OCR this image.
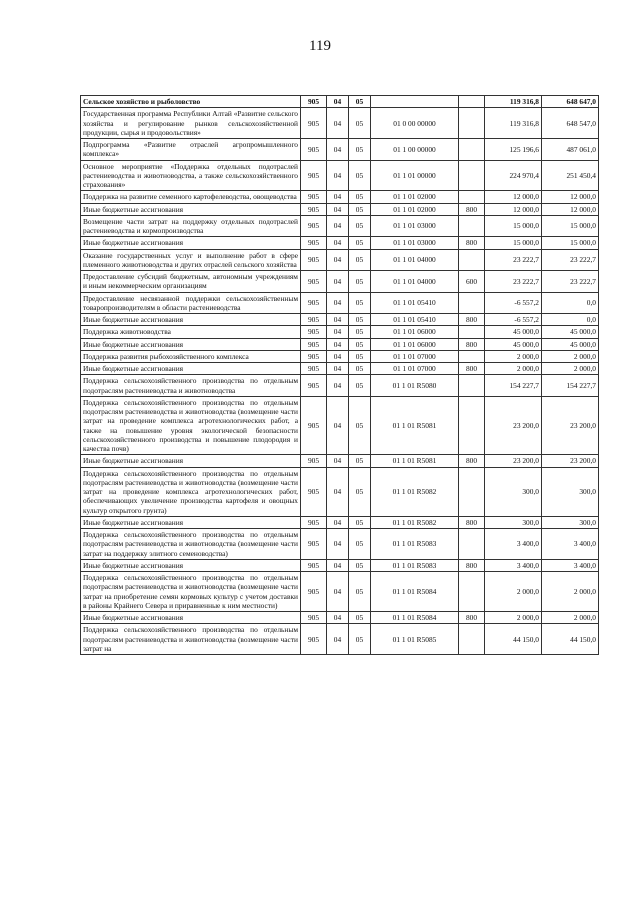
119
Сельское хозяйство и рыболовство	905	04	05			119 316,8	648 647,0
Государственная программа Республики Алтай «Развитие сельского хозяйства и регулирование рынков сельскохозяйственной продукции, сырья и продовольствия»	905	04	05	01 0 00 00000		119 316,8	648 547,0
Подпрограмма «Развитие отраслей агропромышленного комплекса»	905	04	05	01 1 00 00000		125 196,6	487 061,0
Основное мероприятие «Поддержка отдельных подотраслей растениеводства и животноводства, а также сельскохозяйственного страхования»	905	04	05	01 1 01 00000		224 970,4	251 450,4
Поддержка на развитие семенного картофелеводства, овощеводства	905	04	05	01 1 01 02000		12 000,0	12 000,0
Иные бюджетные ассигнования	905	04	05	01 1 01 02000	800	12 000,0	12 000,0
Возмещение части затрат на поддержку отдельных подотраслей растениеводства и кормопроизводства	905	04	05	01 1 01 03000		15 000,0	15 000,0
Иные бюджетные ассигнования	905	04	05	01 1 01 03000	800	15 000,0	15 000,0
Оказание государственных услуг и выполнение работ в сфере племенного животноводства и других отраслей сельского хозяйства	905	04	05	01 1 01 04000		23 222,7	23 222,7
Предоставление субсидий бюджетным, автономным учреждениям и иным некоммерческим организациям	905	04	05	01 1 01 04000	600	23 222,7	23 222,7
Предоставление несвязанной поддержки сельскохозяйственным товаропроизводителям в области растениеводства	905	04	05	01 1 01 05410		-6 557,2	0,0
Иные бюджетные ассигнования	905	04	05	01 1 01 05410	800	-6 557,2	0,0
Поддержка животноводства	905	04	05	01 1 01 06000		45 000,0	45 000,0
Иные бюджетные ассигнования	905	04	05	01 1 01 06000	800	45 000,0	45 000,0
Поддержка развития рыбохозяйственного комплекса	905	04	05	01 1 01 07000		2 000,0	2 000,0
Иные бюджетные ассигнования	905	04	05	01 1 01 07000	800	2 000,0	2 000,0
Поддержка сельскохозяйственного производства по отдельным подотраслям растениеводства и животноводства	905	04	05	01 1 01 R5080		154 227,7	154 227,7
Поддержка сельскохозяйственного производства по отдельным подотраслям растениеводства и животноводства (возмещение части затрат на проведение комплекса агротехнологических работ, а также на повышение уровня экологической безопасности сельскохозяйственного производства и повышение плодородия и качества почв)	905	04	05	01 1 01 R5081		23 200,0	23 200,0
Иные бюджетные ассигнования	905	04	05	01 1 01 R5081	800	23 200,0	23 200,0
Поддержка сельскохозяйственного производства по отдельным подотраслям растениеводства и животноводства (возмещение части затрат на проведение комплекса агротехнологических работ, обеспечивающих увеличение производства картофеля и овощных культур открытого грунта)	905	04	05	01 1 01 R5082		300,0	300,0
Иные бюджетные ассигнования	905	04	05	01 1 01 R5082	800	300,0	300,0
Поддержка сельскохозяйственного производства по отдельным подотраслям растениеводства и животноводства (возмещение части затрат на поддержку элитного семеноводства)	905	04	05	01 1 01 R5083		3 400,0	3 400,0
Иные бюджетные ассигнования	905	04	05	01 1 01 R5083	800	3 400,0	3 400,0
Поддержка сельскохозяйственного производства по отдельным подотраслям растениеводства и животноводства (возмещение части затрат на приобретение семян кормовых культур с учетом доставки в районы Крайнего Севера и приравненные к ним местности)	905	04	05	01 1 01 R5084		2 000,0	2 000,0
Иные бюджетные ассигнования	905	04	05	01 1 01 R5084	800	2 000,0	2 000,0
Поддержка сельскохозяйственного производства по отдельным подотраслям растениеводства и животноводства (возмещение части затрат на	905	04	05	01 1 01 R5085		44 150,0	44 150,0
